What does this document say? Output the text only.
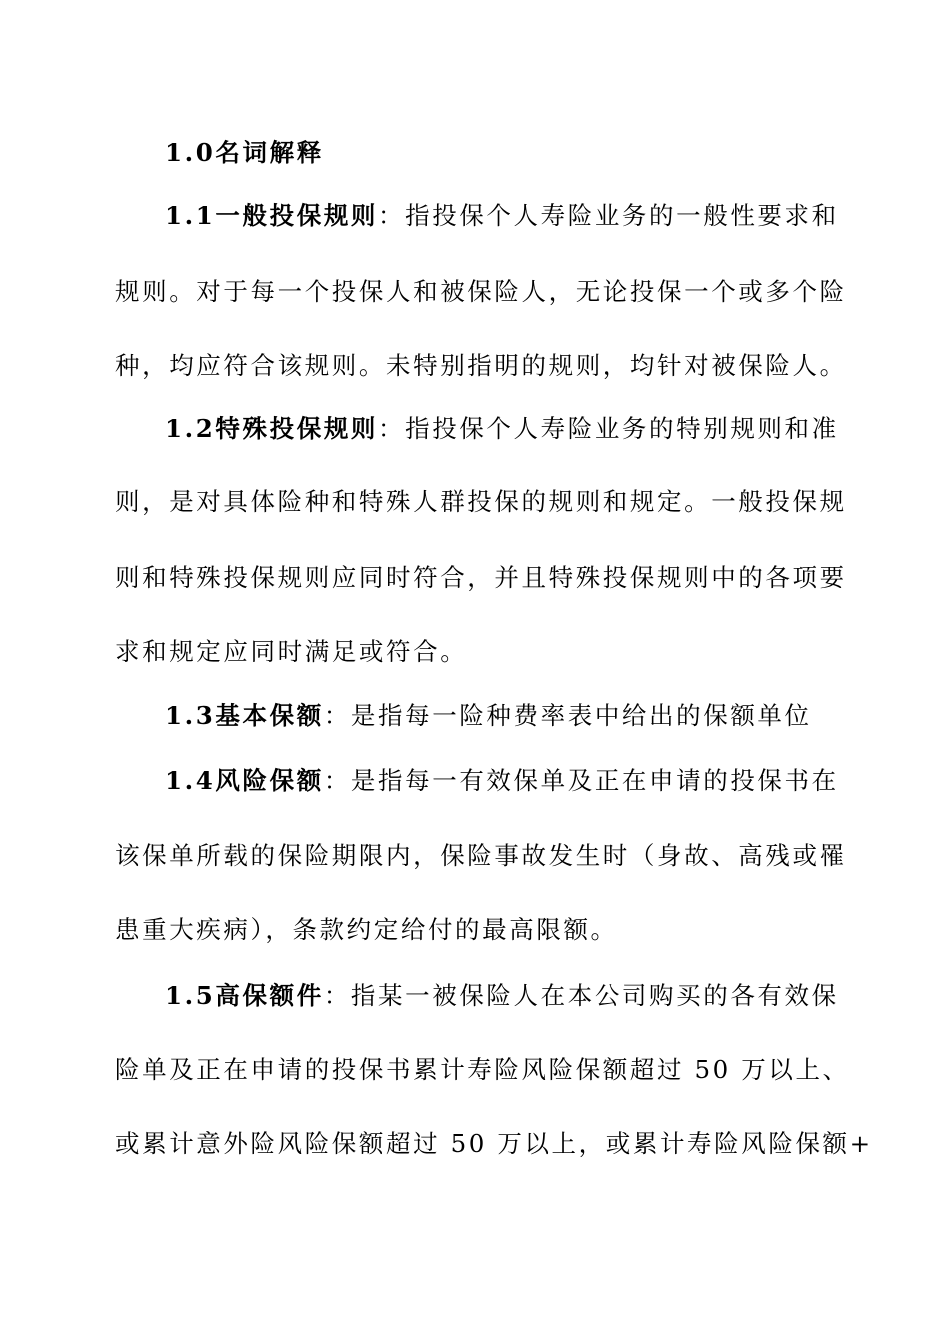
1.0名词解释
1.1一般投保规则：指投保个人寿险业务的一般性要求和
规则。对于每一个投保人和被保险人，无论投保一个或多个险
种，均应符合该规则。未特别指明的规则，均针对被保险人。
1.2特殊投保规则：指投保个人寿险业务的特别规则和准
则，是对具体险种和特殊人群投保的规则和规定。一般投保规
则和特殊投保规则应同时符合，并且特殊投保规则中的各项要
求和规定应同时满足或符合。
1.3基本保额：是指每一险种费率表中给出的保额单位
1.4风险保额：是指每一有效保单及正在申请的投保书在
该保单所载的保险期限内，保险事故发生时（身故、高残或罹
患重大疾病），条款约定给付的最高限额。
1.5高保额件：指某一被保险人在本公司购买的各有效保
险单及正在申请的投保书累计寿险风险保额超过 50 万以上、
或累计意外险风险保额超过 50 万以上，或累计寿险风险保额+
